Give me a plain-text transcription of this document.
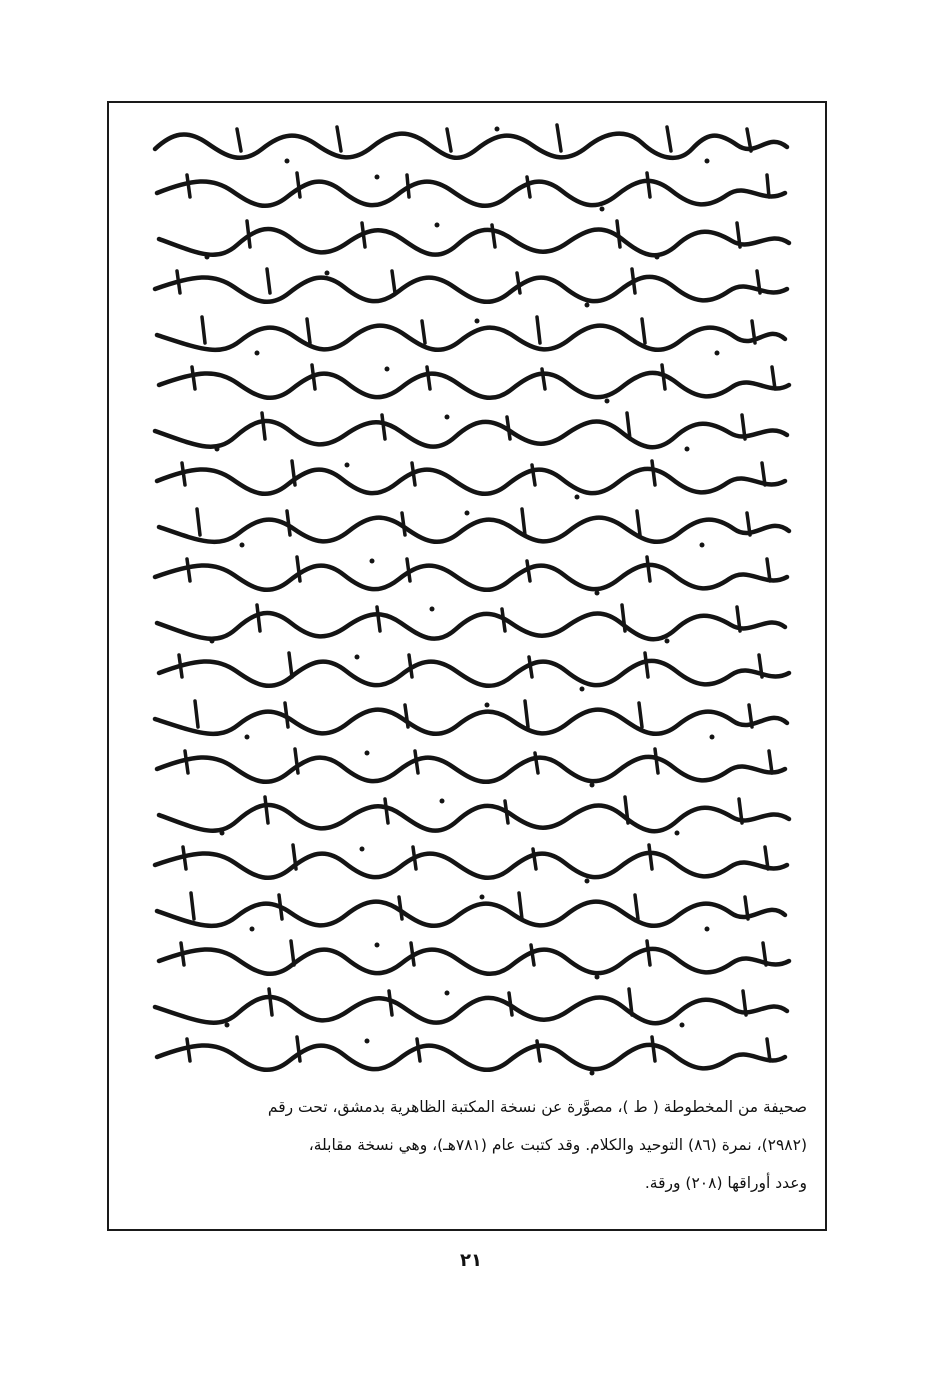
صحيفة من المخطوطة ( ط )، مصوَّرة عن نسخة المكتبة الظاهرية بدمشق، تحت رقم

(٢٩٨٢)، نمرة (٨٦) التوحيد والكلام. وقد كتبت عام (٧٨١هـ)، وهي نسخة مقابلة،

وعدد أوراقها (٢٠٨) ورقة.

٢١
